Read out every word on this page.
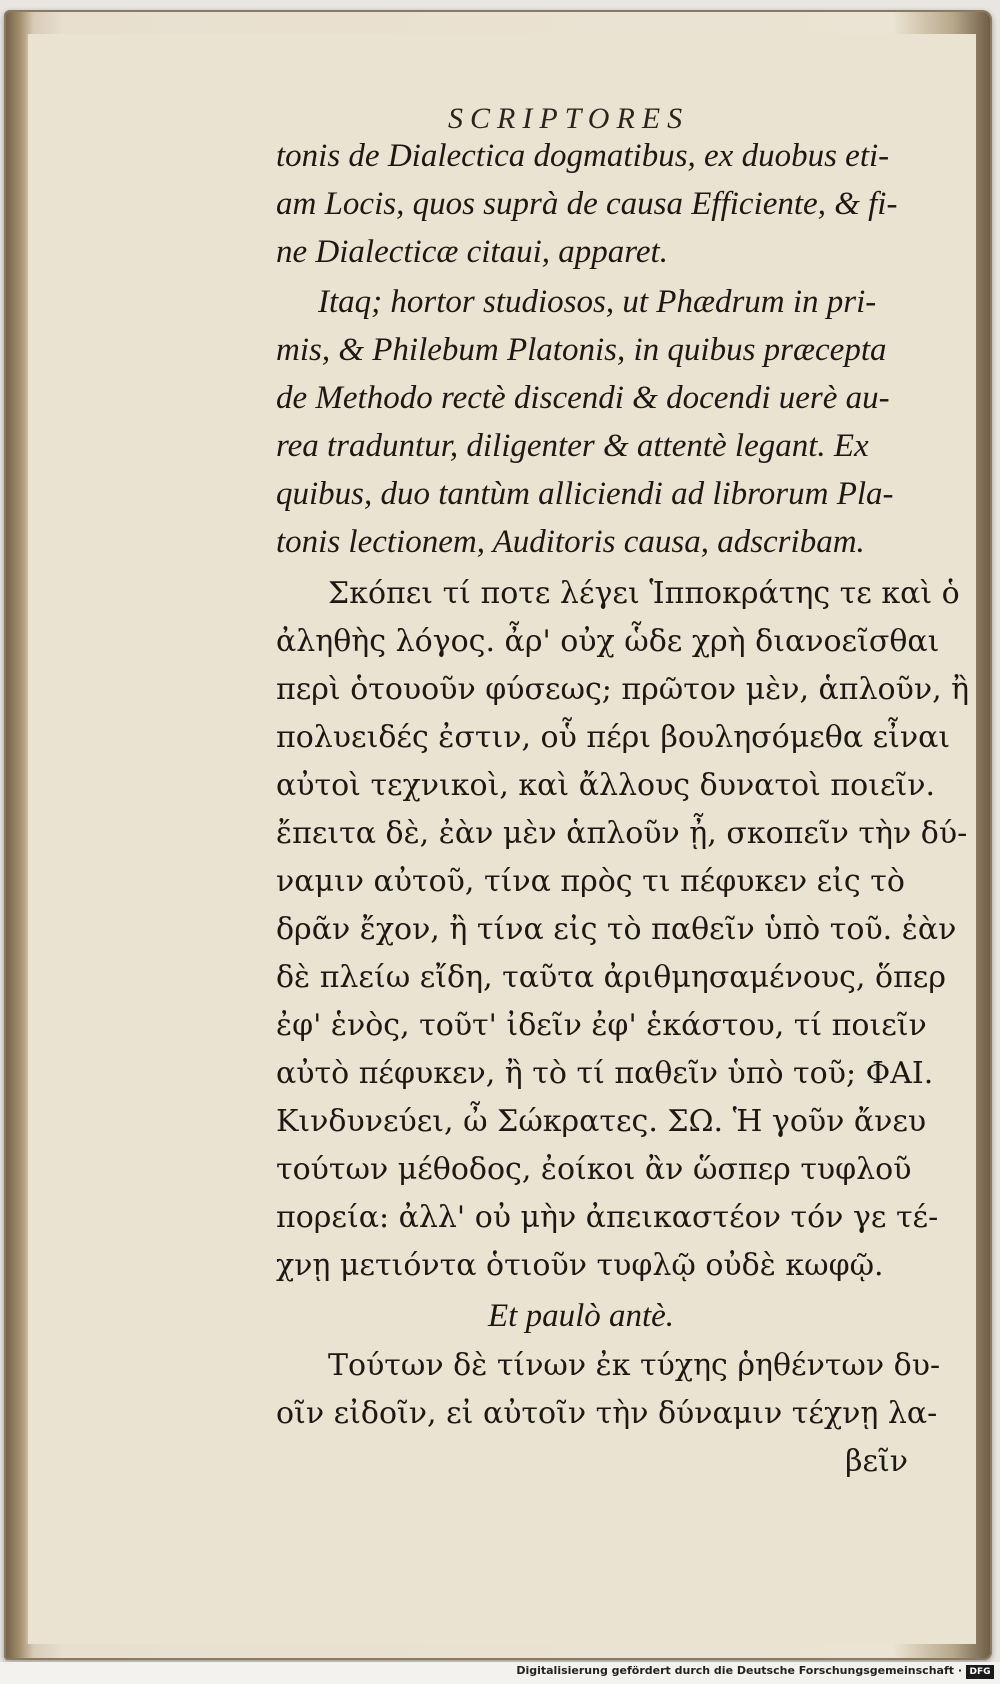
SCRIPTORES
tonis de Dialectica dogmatibus, ex duobus eti-
am Locis, quos suprà de causa Efficiente, & fi-
ne Dialecticæ citaui, apparet.
Itaq; hortor studiosos, ut Phædrum in pri-
mis, & Philebum Platonis, in quibus præcepta
de Methodo rectè discendi & docendi uerè au-
rea traduntur, diligenter & attentè legant. Ex
quibus, duo tantùm alliciendi ad librorum Pla-
tonis lectionem, Auditoris causa, adscribam.
Σκόπει τί ποτε λέγει Ἱπποκράτης τε καὶ ὁ
ἀληθὴς λόγος. ἆρ' οὐχ ὧδε χρὴ διανοεῖσθαι
περὶ ὁτουοῦν φύσεως; πρῶτον μὲν, ἁπλοῦν, ἢ
πολυειδές ἐστιν, οὗ πέρι βουλησόμεθα εἶναι
αὐτοὶ τεχνικοὶ, καὶ ἄλλους δυνατοὶ ποιεῖν.
ἔπειτα δὲ, ἐὰν μὲν ἁπλοῦν ᾖ, σκοπεῖν τὴν δύ-
ναμιν αὐτοῦ, τίνα πρὸς τι πέφυκεν εἰς τὸ
δρᾶν ἔχον, ἢ τίνα εἰς τὸ παθεῖν ὑπὸ τοῦ. ἐὰν
δὲ πλείω εἴδη, ταῦτα ἀριθμησαμένους, ὅπερ
ἐφ' ἑνὸς, τοῦτ' ἰδεῖν ἐφ' ἑκάστου, τί ποιεῖν
αὐτὸ πέφυκεν, ἢ τὸ τί παθεῖν ὑπὸ τοῦ; ΦΑΙ.
Κινδυνεύει, ὦ Σώκρατες. ΣΩ. Ἡ γοῦν ἄνευ
τούτων μέθοδος, ἐοίκοι ἂν ὥσπερ τυφλοῦ
πορεία: ἀλλ' οὐ μὴν ἀπεικαστέον τόν γε τέ-
χνῃ μετιόντα ὁτιοῦν τυφλῷ οὐδὲ κωφῷ.
Et paulò antè.
Τούτων δὲ τίνων ἐκ τύχης ῥηθέντων δυ-
οῖν εἰδοῖν, εἰ αὐτοῖν τὴν δύναμιν τέχνῃ λα-
βεῖν
Digitalisierung gefördert durch die Deutsche Forschungsgemeinschaft · DFG
